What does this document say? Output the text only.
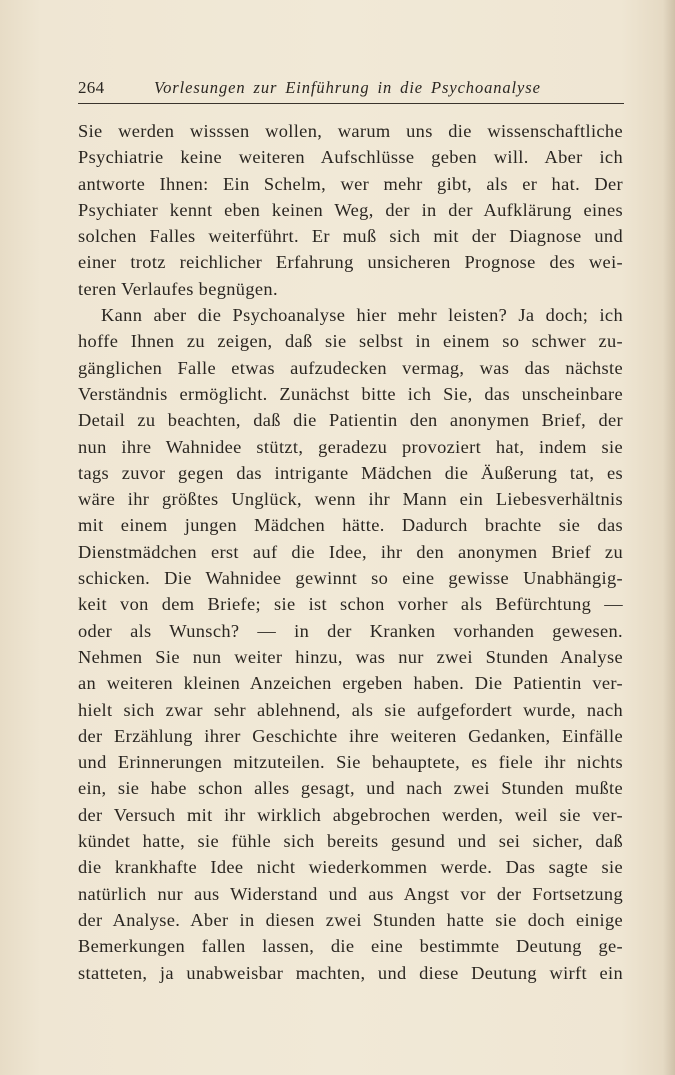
264	Vorlesungen zur Einführung in die Psychoanalyse
Sie werden wisssen wollen, warum uns die wissenschaftliche
Psychiatrie keine weiteren Aufschlüsse geben will. Aber ich
antworte Ihnen: Ein Schelm, wer mehr gibt, als er hat. Der
Psychiater kennt eben keinen Weg, der in der Aufklärung eines
solchen Falles weiterführt. Er muß sich mit der Diagnose und
einer trotz reichlicher Erfahrung unsicheren Prognose des wei-
teren Verlaufes begnügen.
Kann aber die Psychoanalyse hier mehr leisten? Ja doch; ich
hoffe Ihnen zu zeigen, daß sie selbst in einem so schwer zu-
gänglichen Falle etwas aufzudecken vermag, was das nächste
Verständnis ermöglicht. Zunächst bitte ich Sie, das unscheinbare
Detail zu beachten, daß die Patientin den anonymen Brief, der
nun ihre Wahnidee stützt, geradezu provoziert hat, indem sie
tags zuvor gegen das intrigante Mädchen die Äußerung tat, es
wäre ihr größtes Unglück, wenn ihr Mann ein Liebesverhältnis
mit einem jungen Mädchen hätte. Dadurch brachte sie das
Dienstmädchen erst auf die Idee, ihr den anonymen Brief zu
schicken. Die Wahnidee gewinnt so eine gewisse Unabhängig-
keit von dem Briefe; sie ist schon vorher als Befürchtung —
oder als Wunsch? — in der Kranken vorhanden gewesen.
Nehmen Sie nun weiter hinzu, was nur zwei Stunden Analyse
an weiteren kleinen Anzeichen ergeben haben. Die Patientin ver-
hielt sich zwar sehr ablehnend, als sie aufgefordert wurde, nach
der Erzählung ihrer Geschichte ihre weiteren Gedanken, Einfälle
und Erinnerungen mitzuteilen. Sie behauptete, es fiele ihr nichts
ein, sie habe schon alles gesagt, und nach zwei Stunden mußte
der Versuch mit ihr wirklich abgebrochen werden, weil sie ver-
kündet hatte, sie fühle sich bereits gesund und sei sicher, daß
die krankhafte Idee nicht wiederkommen werde. Das sagte sie
natürlich nur aus Widerstand und aus Angst vor der Fortsetzung
der Analyse. Aber in diesen zwei Stunden hatte sie doch einige
Bemerkungen fallen lassen, die eine bestimmte Deutung ge-
statteten, ja unabweisbar machten, und diese Deutung wirft ein
